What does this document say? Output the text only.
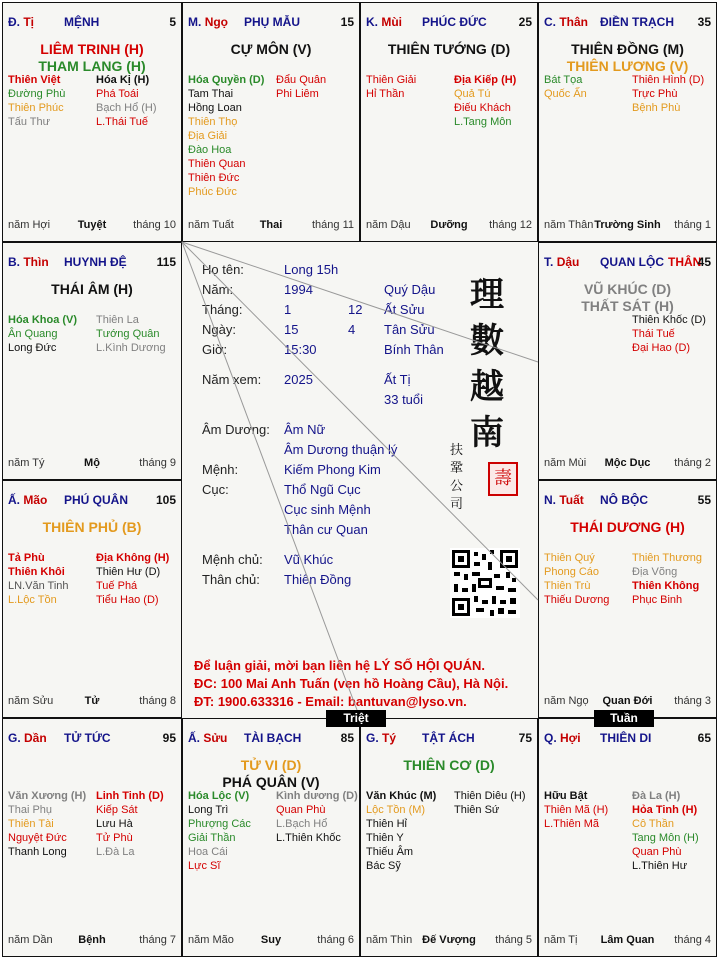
Đ. Tị MỆNH	5
LIÊM TRINH (H)
THAM LANG (H)
Thiên Việt
Đường Phù
Thiên Phúc
Tấu Thư
Hóa Kị (H)
Phá Toái
Bạch Hổ (H)
L.Thái Tuế
năm Hợi	Tuyệt	tháng 10
M. Ngọ PHỤ MẪU	15
CỰ MÔN (V)
Hóa Quyền (D)
Tam Thai
Hồng Loan
Thiên Thọ
Địa Giải
Đào Hoa
Thiên Quan
Thiên Đức
Phúc Đức
Đẩu Quân
Phi Liêm
năm Tuất	Thai	tháng 11
K. Mùi PHÚC ĐỨC	25
THIÊN TƯỚNG (D)
Thiên Giải
Hỉ Thần
Địa Kiếp (H)
Quả Tú
Điếu Khách
L.Tang Môn
năm Dậu	Dưỡng	tháng 12
C. Thân ĐIỀN TRẠCH 35
THIÊN ĐỒNG (M)
THIÊN LƯƠNG (V)
Bát Tọa
Quốc Ấn
Thiên Hình (D)
Trực Phù
Bệnh Phù
năm Thân Trường Sinh	tháng 1
B. Thìn HUYNH ĐỆ 115
THÁI ÂM (H)
Hóa Khoa (V)
Ân Quang
Long Đức
Thiên La
Tướng Quân
L.Kình Dương
năm Tý	Mộ	tháng 9
T. Dậu QUAN LỘC THÂN
45
VŨ KHÚC (D)
THẤT SÁT (H)
Thiên Khốc (D)
Thái Tuế
Đại Hao (D)
năm Mùi	Mộc Dục	tháng 2
Ấ. Mão PHÚ QUÂN 105
THIÊN PHỦ (B)
Tả Phù
Thiên Khôi
LN.Văn Tinh
L.Lộc Tồn
Địa Không (H)
Thiên Hư (D)
Tuế Phá
Tiểu Hao (D)
năm Sửu	Tử	tháng 8
N. Tuất NÔ BỘC	55
THÁI DƯƠNG (H)
Thiên Quý
Phong Cáo
Thiên Trù
Thiếu Dương
Thiên Thương
Địa Võng
Thiên Không
Phục Binh
năm Ngọ	Quan Đới	tháng 3
G. Dần TỬ TỨC	95
Văn Xương (H)
Thai Phụ
Thiên Tài
Nguyệt Đức
Thanh Long
Linh Tinh (D)
Kiếp Sát
Lưu Hà
Tử Phù
L.Đà La
năm Dần	Bệnh	tháng 7
Ấ. Sửu TÀI BẠCH	85
TỬ VI (D)
PHÁ QUÂN (V)
Hóa Lộc (V)
Long Trì
Phượng Các
Giải Thần
Hoa Cái
Lực Sĩ
Kình dương (D)
Quan Phù
L.Bạch Hổ
L.Thiên Khốc
năm Mão	Suy	tháng 6
G. Tý TẬT ÁCH	75
THIÊN CƠ (D)
Văn Khúc (M)
Lộc Tồn (M)
Thiên Hỉ
Thiên Y
Thiếu Âm
Bác Sỹ
Thiên Diêu (H)
Thiên Sứ
năm Thìn Đế Vượng	tháng 5
Q. Hợi THIÊN DI	65
Hữu Bật
Thiên Mã (H)
L.Thiên Mã
Đà La (H)
Hỏa Tinh (H)
Cô Thần
Tang Môn (H)
Quan Phù
L.Thiên Hư
năm Tị	Lâm Quan	tháng 4
Họ tên:	Long 15h
Năm:	1994	Quý Dậu
Tháng:	1	12 Ất Sửu
Ngày:	15	4 Tân Sửu
Giờ:	15:30	Bính Thân
Năm xem: 2025	Ất Tị
33 tuổi
Âm Dương: Âm Nữ
Âm Dương thuận lý
Mệnh:	Kiếm Phong Kim
Cục:	Thổ Ngũ Cục
Cục sinh Mệnh
Thân cư Quan
Mệnh chủ: Vũ Khúc
Thân chủ: Thiên Đồng
理
數
越
南
扶
鞏
公
司
壽
Để luận giải, mời bạn liên hệ LÝ SỐ HỘI QUÁN.
ĐC: 100 Mai Anh Tuấn (ven hồ Hoàng Cầu), Hà Nội.
ĐT: 1900.633316 - Email: bantuvan@lyso.vn.
Triệt	Tuần
